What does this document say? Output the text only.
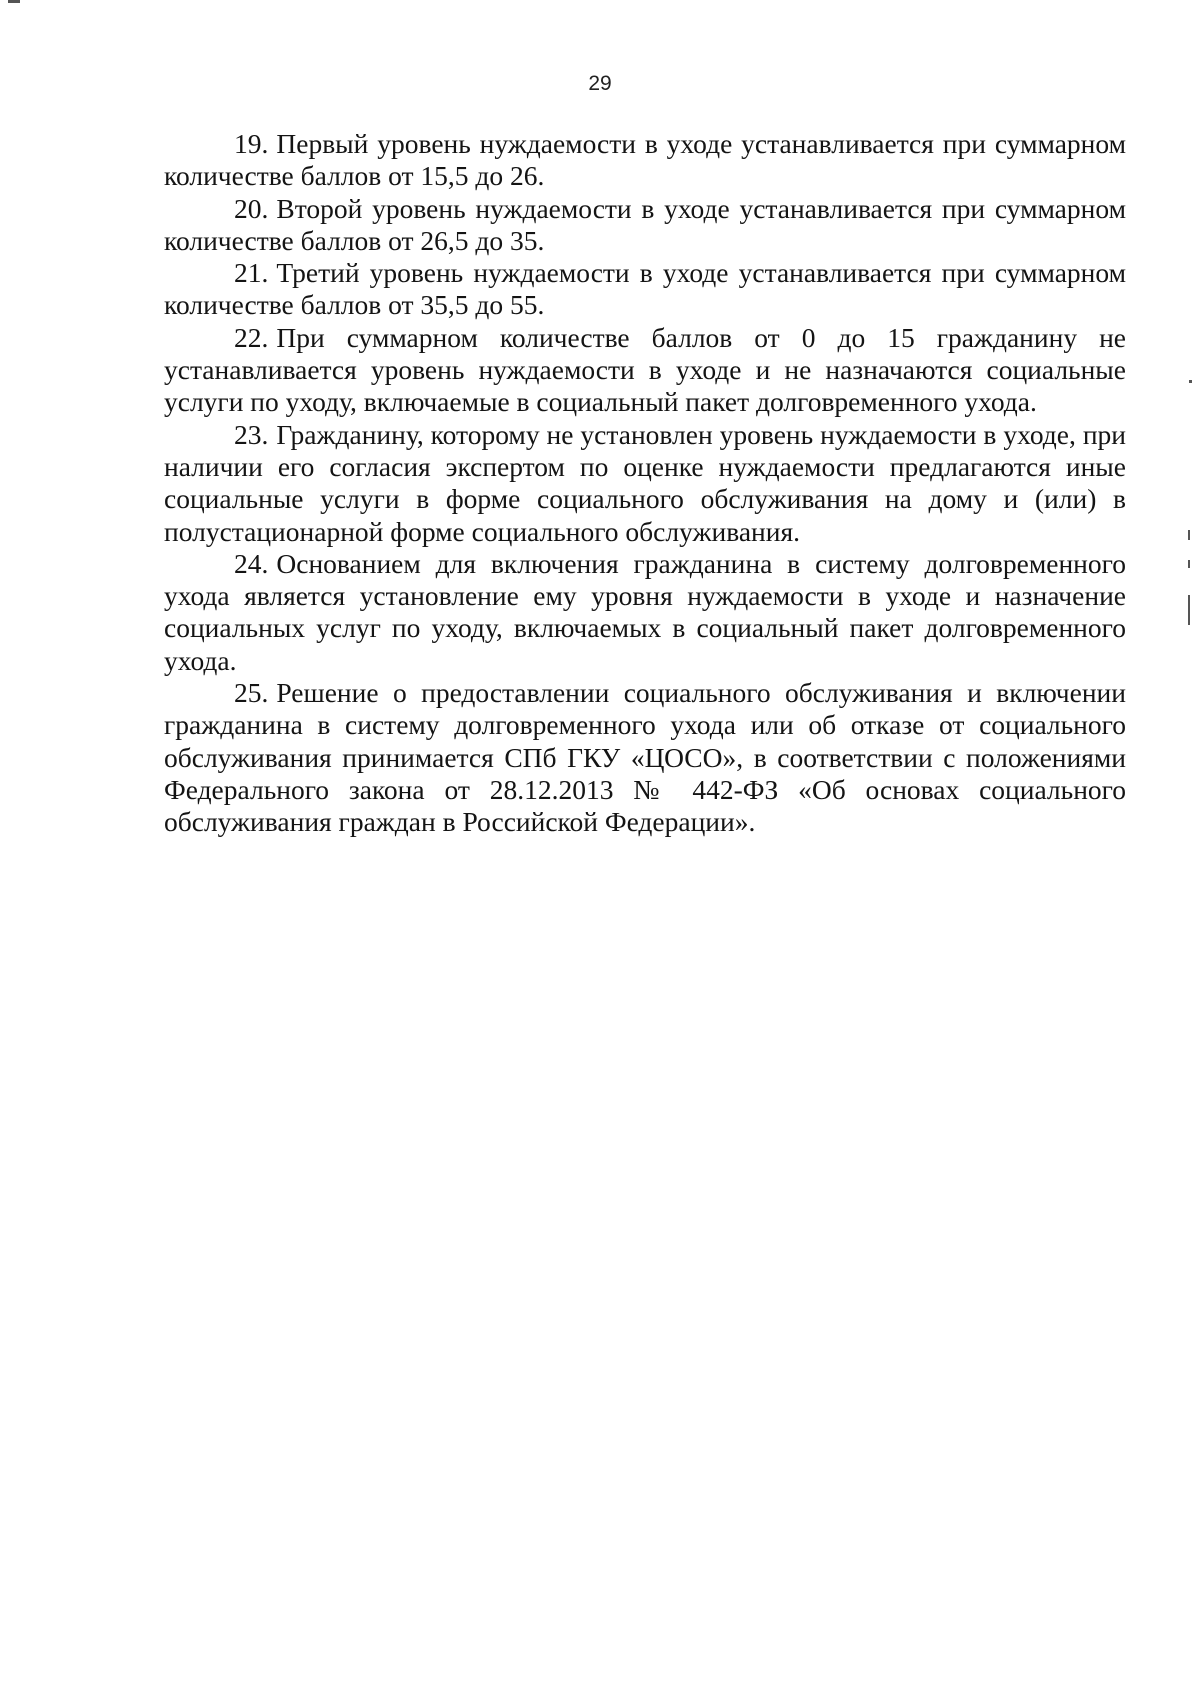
29

19. Первый уровень нуждаемости в уходе устанавливается при суммарном количестве баллов от 15,5 до 26.

20. Второй уровень нуждаемости в уходе устанавливается при суммарном количестве баллов от 26,5 до 35.

21. Третий уровень нуждаемости в уходе устанавливается при суммарном количестве баллов от 35,5 до 55.

22. При суммарном количестве баллов от 0 до 15 гражданину не устанавливается уровень нуждаемости в уходе и не назначаются социальные услуги по уходу, включаемые в социальный пакет долговременного ухода.

23. Гражданину, которому не установлен уровень нуждаемости в уходе, при наличии его согласия экспертом по оценке нуждаемости предлагаются иные социальные услуги в форме социального обслуживания на дому и (или) в полустационарной форме социального обслуживания.

24. Основанием для включения гражданина в систему долговременного ухода является установление ему уровня нуждаемости в уходе и назначение социальных услуг по уходу, включаемых в социальный пакет долговременного ухода.

25. Решение о предоставлении социального обслуживания и включении гражданина в систему долговременного ухода или об отказе от социального обслуживания принимается СПб ГКУ «ЦОСО», в соответствии с положениями Федерального закона от 28.12.2013 № 442-ФЗ «Об основах социального обслуживания граждан в Российской Федерации».
